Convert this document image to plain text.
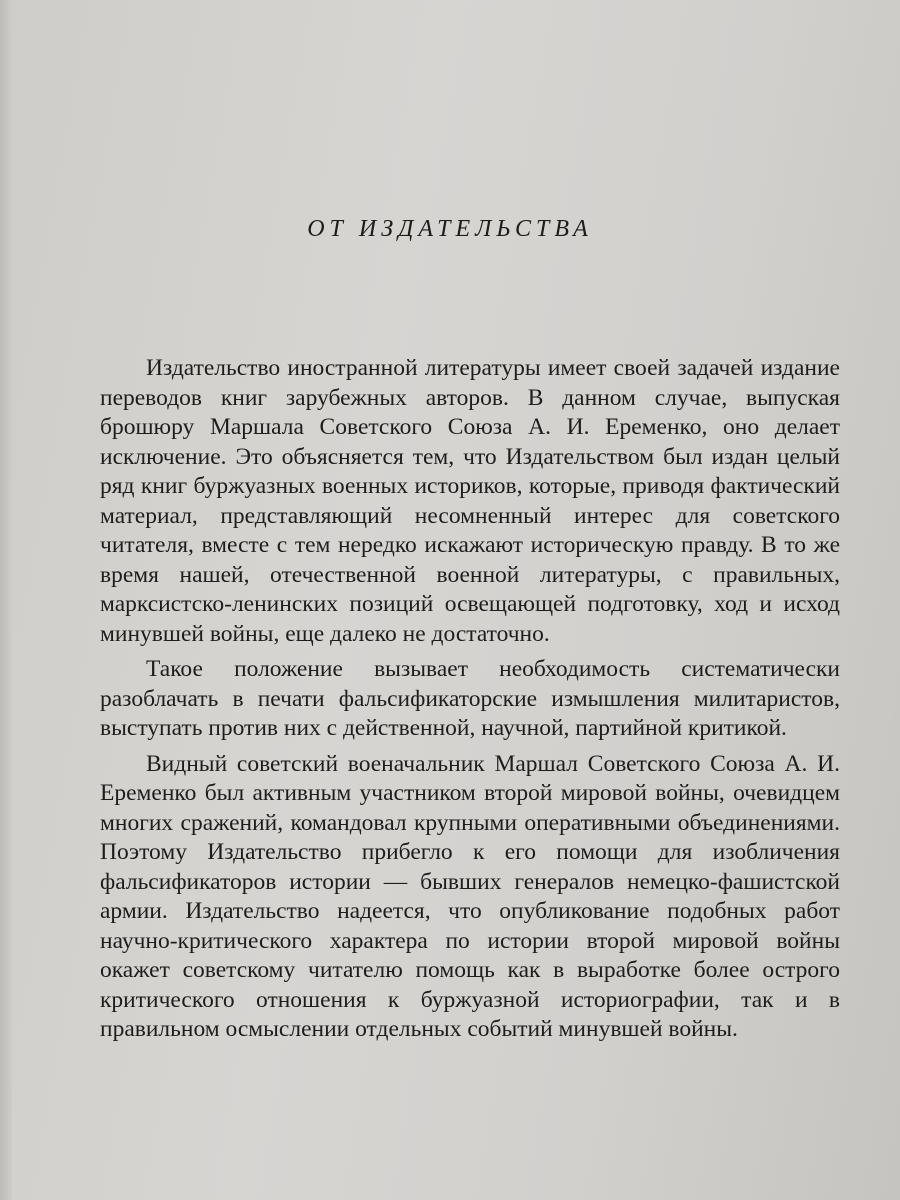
ОТ ИЗДАТЕЛЬСТВА

Издательство иностранной литературы имеет своей задачей издание переводов книг зарубежных авторов. В данном случае, выпуская брошюру Маршала Советского Союза А. И. Еременко, оно делает исключение. Это объясняется тем, что Издательством был издан целый ряд книг буржуазных военных историков, которые, приводя фактический материал, представляющий несомненный интерес для советского читателя, вместе с тем нередко искажают историческую правду. В то же время нашей, отечественной военной литературы, с правильных, марксистско-ленинских позиций освещающей подготовку, ход и исход минувшей войны, еще далеко не достаточно.

Такое положение вызывает необходимость систематически разоблачать в печати фальсификаторские измышления милитаристов, выступать против них с действенной, научной, партийной критикой.

Видный советский военачальник Маршал Советского Союза А. И. Еременко был активным участником второй мировой войны, очевидцем многих сражений, командовал крупными оперативными объединениями. Поэтому Издательство прибегло к его помощи для изобличения фальсификаторов истории — бывших генералов немецко-фашистской армии. Издательство надеется, что опубликование подобных работ научно-критического характера по истории второй мировой войны окажет советскому читателю помощь как в выработке более острого критического отношения к буржуазной историографии, так и в правильном осмыслении отдельных событий минувшей войны.
